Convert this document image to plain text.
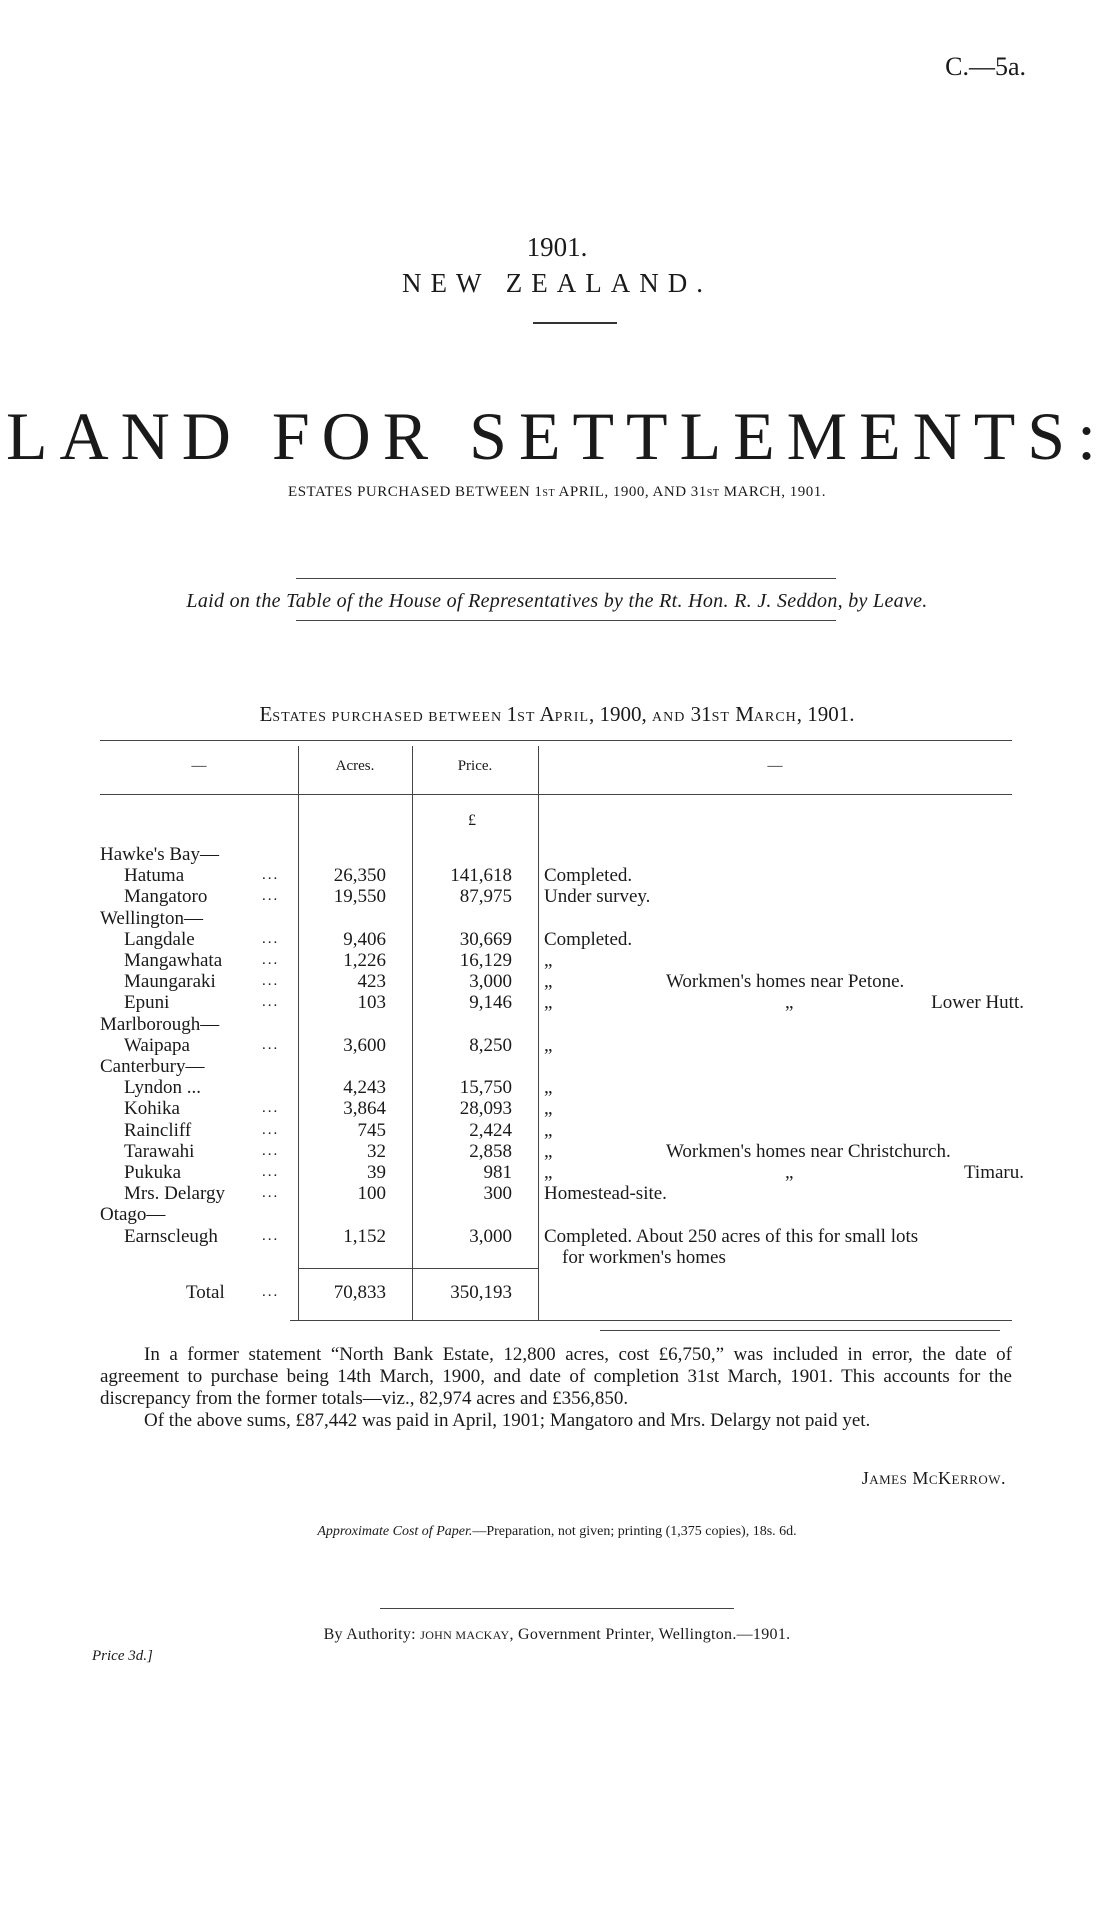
C.—5a.
1901.
NEW ZEALAND.
LAND FOR SETTLEMENTS:
ESTATES PURCHASED BETWEEN 1ST APRIL, 1900, AND 31ST MARCH, 1901.
Laid on the Table of the House of Representatives by the Rt. Hon. R. J. Seddon, by Leave.
ESTATES PURCHASED BETWEEN 1ST APRIL, 1900, AND 31ST MARCH, 1901.
—	Acres.	Price.	—
£
Hawke's Bay—
Hatuma	...	26,350	141,618 Completed.
Mangatoro	...	19,550	87,975 Under survey.
Wellington—
Langdale	...	9,406	30,669 Completed.
Mangawhata	...	1,226	16,129 „
Maungaraki	...	423	3,000 „	Workmen's homes near Petone.
Epuni	...	103	9,146 „	„	Lower Hutt.
Marlborough—
Waipapa	...	3,600	8,250 „
Canterbury—
Lyndon ...	4,243	15,750 „
Kohika	...	3,864	28,093 „
Raincliff	...	745	2,424 „
Tarawahi	...	32	2,858 „	Workmen's homes near Christchurch.
Pukuka	...	39	981 „	„	Timaru.
Mrs. Delargy ...	100	300 Homestead-site.
Otago—
Earnscleugh	...	1,152	3,000 Completed. About 250 acres of this for small lots
for workmen's homes
Total ...	70,833	350,193
In a former statement “North Bank Estate, 12,800 acres, cost £6,750,” was included in error, the date of agreement to purchase being 14th March, 1900, and date of completion 31st March, 1901. This accounts for the discrepancy from the former totals—viz., 82,974 acres and £356,850.
Of the above sums, £87,442 was paid in April, 1901; Mangatoro and Mrs. Delargy not paid yet.
JAMES MCKERROW.
Approximate Cost of Paper.—Preparation, not given; printing (1,375 copies), 18s. 6d.
By Authority: JOHN MACKAY, Government Printer, Wellington.—1901.
Price 3d.]
